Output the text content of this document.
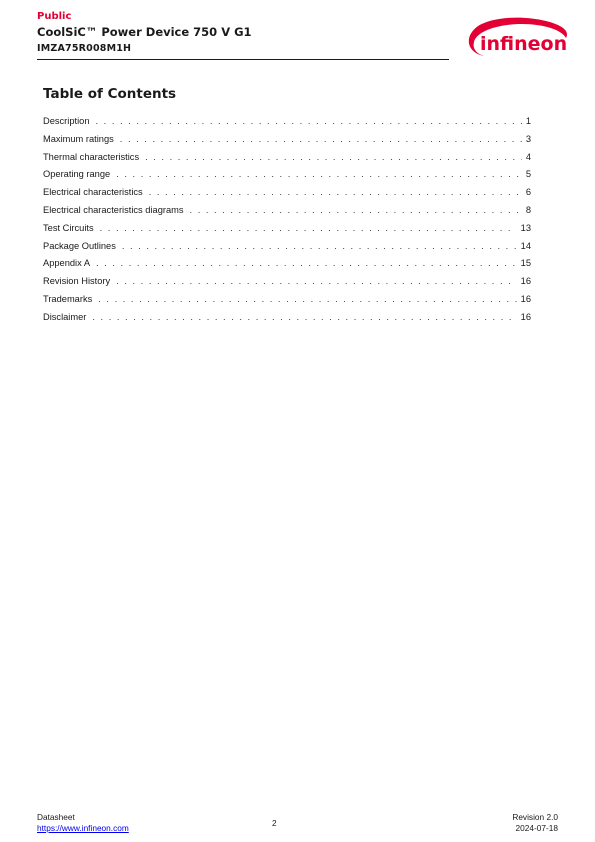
Public
CoolSiC™ Power Device 750 V G1
IMZA75R008M1H	infineon
Table of Contents
Description . . .	1
Maximum ratings . . .	3
Thermal characteristics . . .	4
Operating range . . .	5
Electrical characteristics . . .	6
Electrical characteristics diagrams . . .	8
Test Circuits . . .	13
Package Outlines . . .	14
Appendix A . . .	15
Revision History . . .	16
Trademarks . . .	16
Disclaimer . . .	16
Datasheet
https://www.infineon.com	2
Revision 2.0
2024-07-18
